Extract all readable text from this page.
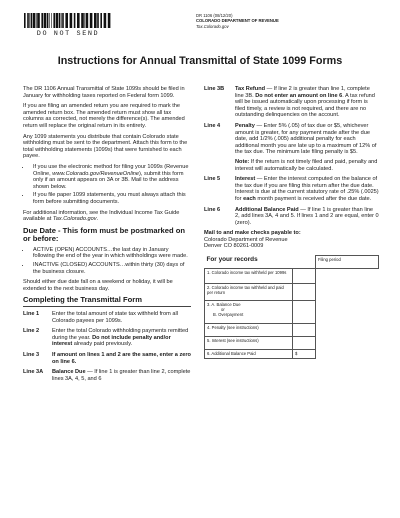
DO NOT SEND
DR 1106 (08/12/20)
COLORADO DEPARTMENT OF REVENUE
Tax.Colorado.gov
Instructions for Annual Transmittal of State 1099 Forms

The DR 1106 Annual Transmittal of State 1099s should be filed in January for withholding taxes reported on Federal form 1099.

If you are filing an amended return you are required to mark the amended return box. The amended return must show all tax columns as corrected, not merely the difference(s). The amended return will replace the original return in its entirety.

Any 1099 statements you distribute that contain Colorado state withholding must be sent to the department. Attach this form to the total withholding statements (1099s) that were furnished to each payee.

• If you use the electronic method for filing your 1099s (Revenue Online, www.Colorado.gov/RevenueOnline), submit this form only if an amount appears on 3A or 3B. Mail to the address shown below.
• If you file paper 1099 statements, you must always attach this form before submitting documents.

For additional information, see the Individual Income Tax Guide available at Tax.Colorado.gov.

Due Date - This form must be postmarked on or before:
• ACTIVE (OPEN) ACCOUNTS…the last day in January following the end of the year in which withholdings were made.
• INACTIVE (CLOSED) ACCOUNTS…within thirty (30) days of the business closure.

Should either due date fall on a weekend or holiday, it will be extended to the next business day.

Completing the Transmittal Form
Line 1	Enter the total amount of state tax withheld from all Colorado payees per 1099s.
Line 2	Enter the total Colorado withholding payments remitted during the year. Do not include penalty and/or interest already paid previously.
Line 3	If amount on lines 1 and 2 are the same, enter a zero on line 6.
Line 3A	Balance Due — If line 1 is greater than line 2, complete lines 3A, 4, 5, and 6
Line 3B	Tax Refund — If line 2 is greater than line 1, complete line 3B. Do not enter an amount on line 6. A tax refund will be issued automatically upon processing if form is filed timely, a review is not required, and there are no outstanding delinquencies on the account.
Line 4	Penalty — Enter 5% (.05) of tax due or $5, whichever amount is greater, for any payment made after the due date, add 1/2% (.005) additional penalty for each additional month you are late up to a maximum of 12% of the tax due. The minimum late filing penalty is $5.
Note: If the return is not timely filed and paid, penalty and interest will automatically be calculated.
Line 5	Interest — Enter the interest computed on the balance of the tax due if you are filing this return after the due date. Interest is due at the current statutory rate of .25% (.0025) for each month payment is received after the due date.
Line 6	Additional Balance Paid — If line 1 is greater than line 2, add lines 3A, 4 and 5. If lines 1 and 2 are equal, enter 0 (zero).
Mail to and make checks payable to:
Colorado Department of Revenue
Denver CO 80261-0009
For your records		Filing period
1. Colorado income tax withheld per 1099s		
2. Colorado income tax withheld and paid per return		

3. A. Balance Due
or
B. Overpayment		

4. Penalty (see instructions)		
5. Interest (see instructions)		
6. Additional Balance Paid	$	
